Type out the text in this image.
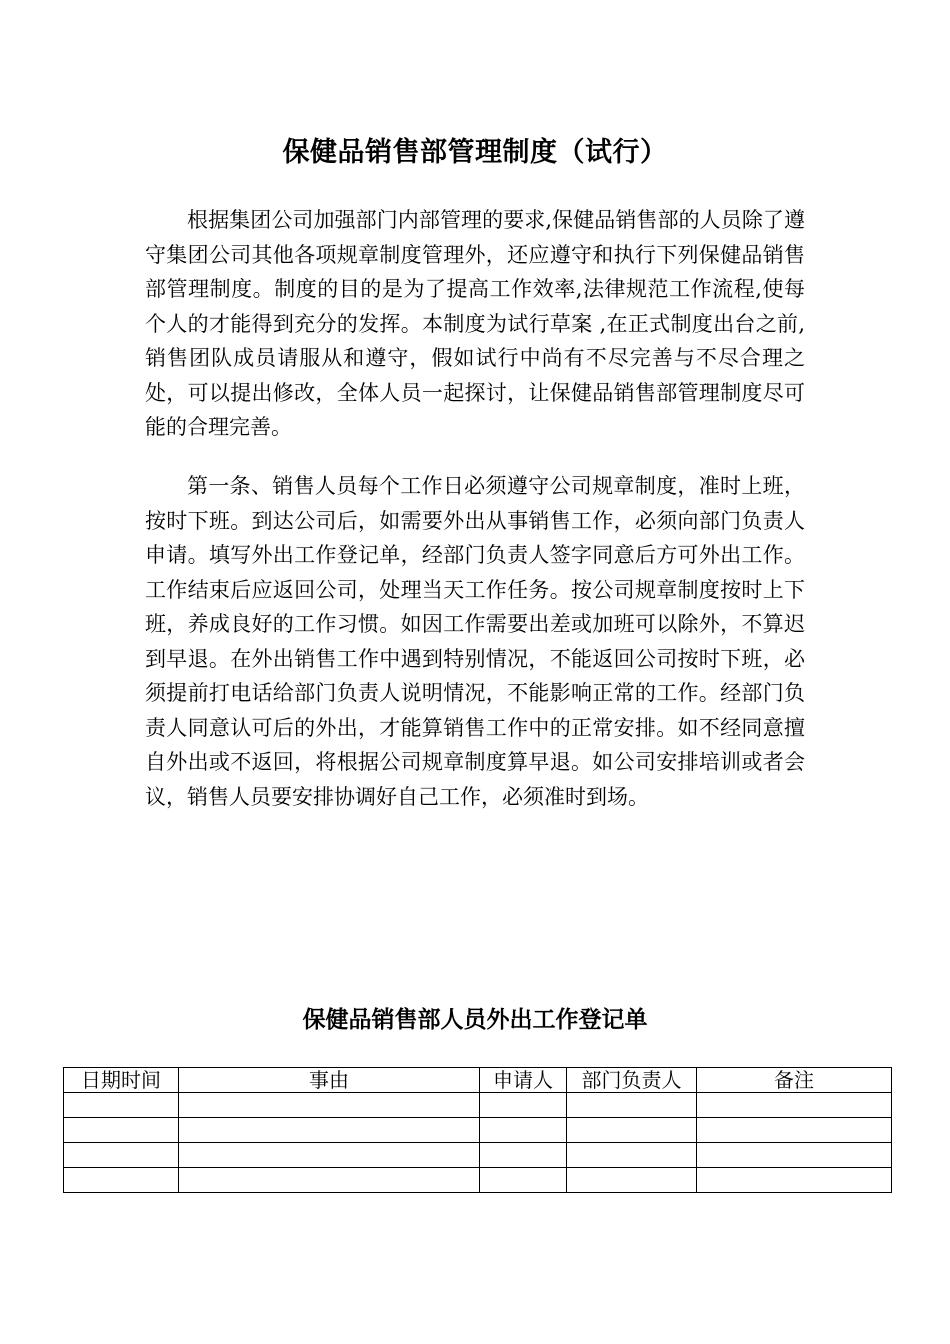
保健品销售部管理制度（试行）

根据集团公司加强部门内部管理的要求,保健品销售部的人员除了遵守集团公司其他各项规章制度管理外，还应遵守和执行下列保健品销售部管理制度。制度的目的是为了提高工作效率,法律规范工作流程,使每个人的才能得到充分的发挥。本制度为试行草案 ,在正式制度出台之前,销售团队成员请服从和遵守，假如试行中尚有不尽完善与不尽合理之处，可以提出修改，全体人员一起探讨，让保健品销售部管理制度尽可能的合理完善。

第一条、销售人员每个工作日必须遵守公司规章制度，准时上班，按时下班。到达公司后，如需要外出从事销售工作，必须向部门负责人申请。填写外出工作登记单，经部门负责人签字同意后方可外出工作。工作结束后应返回公司，处理当天工作任务。按公司规章制度按时上下班，养成良好的工作习惯。如因工作需要出差或加班可以除外，不算迟到早退。在外出销售工作中遇到特别情况，不能返回公司按时下班，必须提前打电话给部门负责人说明情况，不能影响正常的工作。经部门负责人同意认可后的外出，才能算销售工作中的正常安排。如不经同意擅自外出或不返回，将根据公司规章制度算早退。如公司安排培训或者会议，销售人员要安排协调好自己工作，必须准时到场。

保健品销售部人员外出工作登记单
日期时间	事由	申请人	部门负责人	备注
